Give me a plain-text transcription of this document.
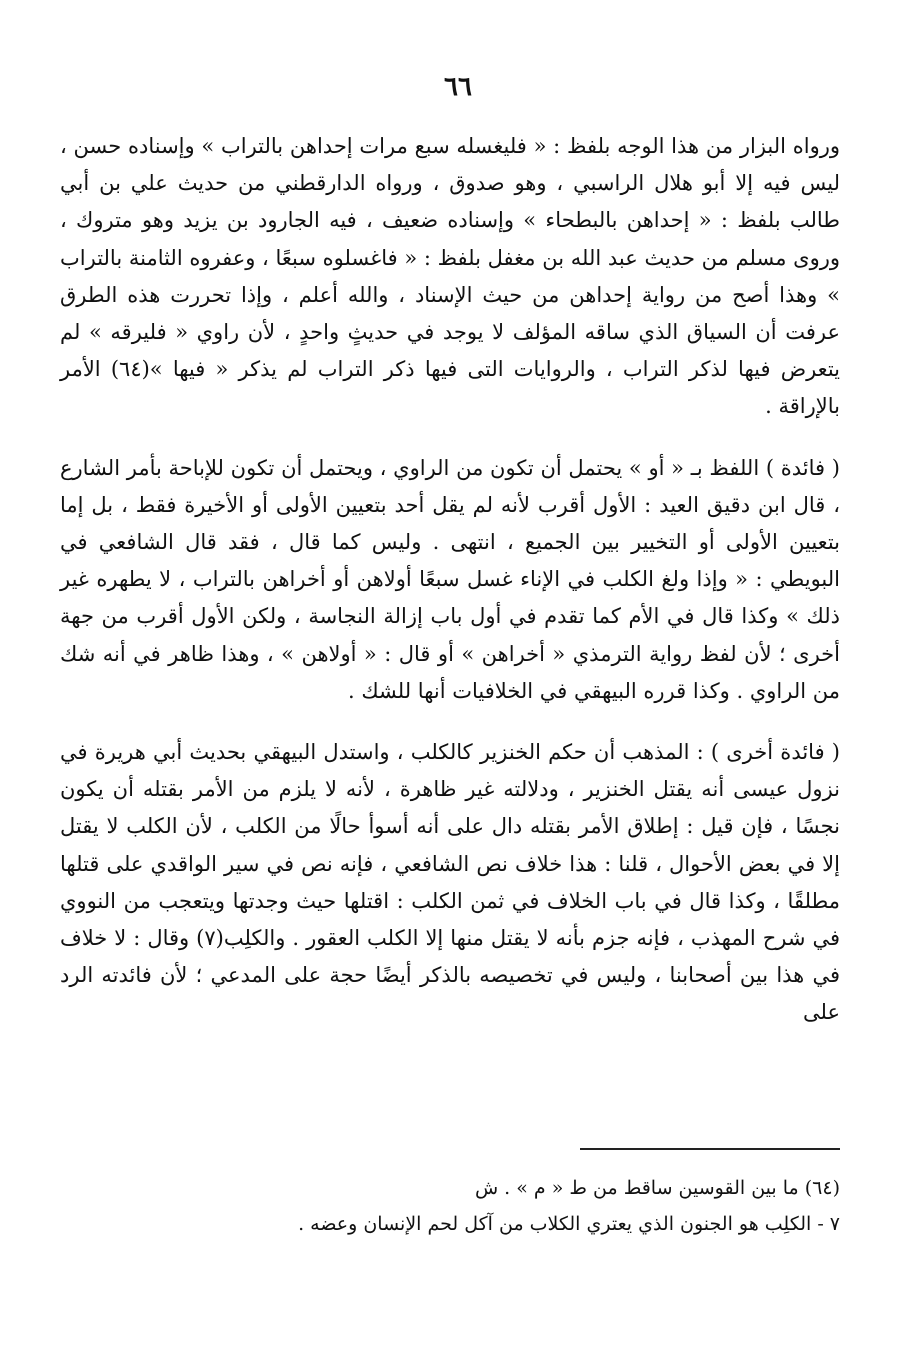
٦٦

ورواه البزار من هذا الوجه بلفظ : « فليغسله سبع مرات إحداهن بالتراب » وإسناده حسن ، ليس فيه إلا أبو هلال الراسبي ، وهو صدوق ، ورواه الدارقطني من حديث علي بن أبي طالب بلفظ : « إحداهن بالبطحاء » وإسناده ضعيف ، فيه الجارود بن يزيد وهو متروك ، وروى مسلم من حديث عبد الله بن مغفل بلفظ : « فاغسلوه سبعًا ، وعفروه الثامنة بالتراب » وهذا أصح من رواية إحداهن من حيث الإسناد ، والله أعلم ، وإذا تحررت هذه الطرق عرفت أن السياق الذي ساقه المؤلف لا يوجد في حديثٍ واحدٍ ، لأن راوي « فليرقه » لم يتعرض فيها لذكر التراب ، والروايات التى فيها ذكر التراب لم يذكر « فيها »(٦٤) الأمر بالإراقة .

( فائدة ) اللفظ بـ « أو » يحتمل أن تكون من الراوي ، ويحتمل أن تكون للإباحة بأمر الشارع ، قال ابن دقيق العيد : الأول أقرب لأنه لم يقل أحد بتعيين الأولى أو الأخيرة فقط ، بل إما بتعيين الأولى أو التخيير بين الجميع ، انتهى . وليس كما قال ، فقد قال الشافعي في البويطي : « وإذا ولغ الكلب في الإناء غسل سبعًا أولاهن أو أخراهن بالتراب ، لا يطهره غير ذلك » وكذا قال في الأم كما تقدم في أول باب إزالة النجاسة ، ولكن الأول أقرب من جهة أخرى ؛ لأن لفظ رواية الترمذي « أخراهن » أو قال : « أولاهن » ، وهذا ظاهر في أنه شك من الراوي . وكذا قرره البيهقي في الخلافيات أنها للشك .

( فائدة أخرى ) : المذهب أن حكم الخنزير كالكلب ، واستدل البيهقي بحديث أبي هريرة في نزول عيسى أنه يقتل الخنزير ، ودلالته غير ظاهرة ، لأنه لا يلزم من الأمر بقتله أن يكون نجسًا ، فإن قيل : إطلاق الأمر بقتله دال على أنه أسوأ حالًا من الكلب ، لأن الكلب لا يقتل إلا في بعض الأحوال ، قلنا : هذا خلاف نص الشافعي ، فإنه نص في سير الواقدي على قتلها مطلقًا ، وكذا قال في باب الخلاف في ثمن الكلب : اقتلها حيث وجدتها ويتعجب من النووي في شرح المهذب ، فإنه جزم بأنه لا يقتل منها إلا الكلب العقور . والكلِب(٧) وقال : لا خلاف في هذا بين أصحابنا ، وليس في تخصيصه بالذكر أيضًا حجة على المدعي ؛ لأن فائدته الرد على

(٦٤) ما بين القوسين ساقط من ط « م » . ش
٧ - الكلِب هو الجنون الذي يعتري الكلاب من آكل لحم الإنسان وعضه .
